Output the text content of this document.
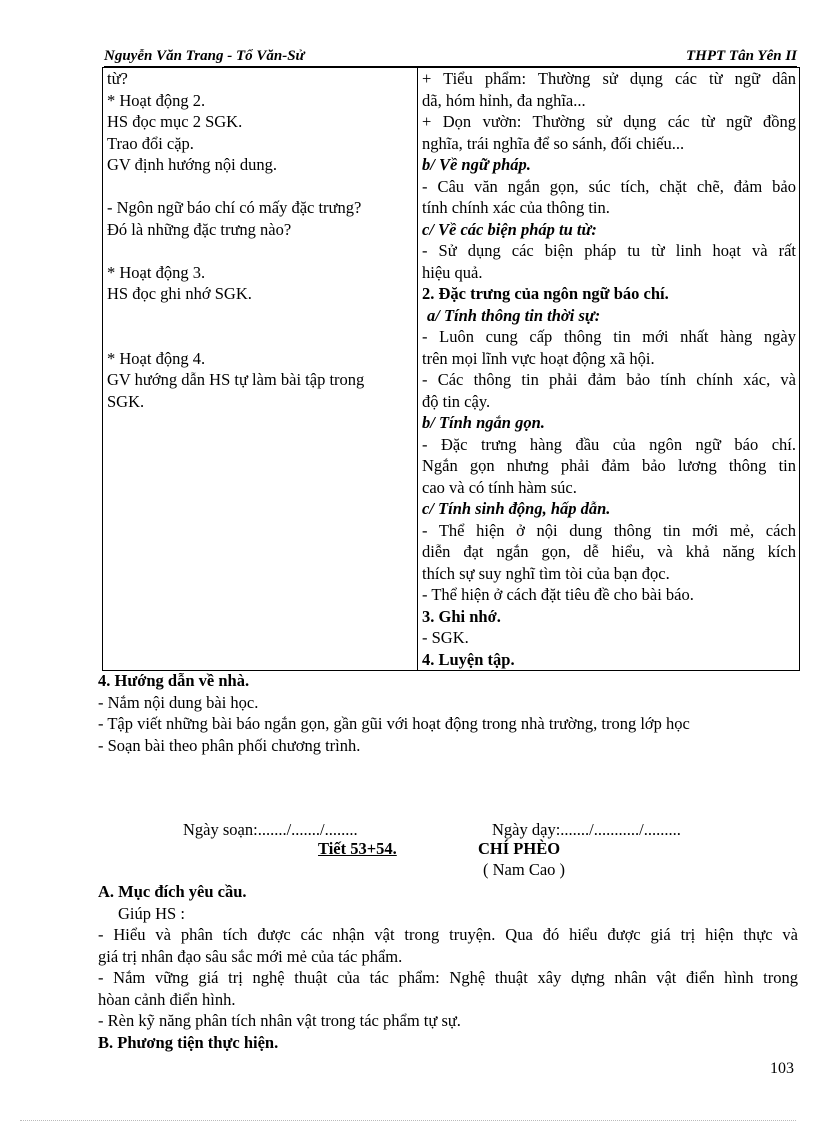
Nguyễn Văn Trang - Tổ Văn-Sử	THPT Tân Yên II
từ?
* Hoạt động 2.
HS đọc mục 2 SGK.
Trao đổi cặp.
GV định hướng nội dung.
- Ngôn ngữ báo chí có mấy đặc trưng?
Đó là những đặc trưng nào?
* Hoạt động 3.
HS đọc ghi nhớ SGK.
* Hoạt động 4.
GV hướng dẫn HS tự làm bài tập trong
SGK.

+ Tiểu phẩm: Thường sử dụng các từ ngữ dân
dã, hóm hỉnh, đa nghĩa...
+ Dọn vườn: Thường sử dụng các từ ngữ đồng
nghĩa, trái nghĩa để so sánh, đối chiếu...
b/ Về ngữ pháp.
- Câu văn ngắn gọn, súc tích, chặt chẽ, đảm bảo
tính chính xác của thông tin.
c/ Về các biện pháp tu từ:
- Sử dụng các biện pháp tu từ linh hoạt và rất
hiệu quả.
2. Đặc trưng của ngôn ngữ báo chí.
a/ Tính thông tin thời sự:
- Luôn cung cấp thông tin mới nhất hàng ngày
trên mọi lĩnh vực hoạt động xã hội.
- Các thông tin phải đảm bảo tính chính xác, và
độ tin cậy.
b/ Tính ngắn gọn.
- Đặc trưng hàng đầu của ngôn ngữ báo chí.
Ngắn gọn nhưng phải đảm bảo lương thông tin
cao và có tính hàm súc.
c/ Tính sinh động, hấp dẫn.
- Thể hiện ở nội dung thông tin mới mẻ, cách
diễn đạt ngắn gọn, dễ hiểu, và khả năng kích
thích sự suy nghĩ tìm tòi của bạn đọc.
- Thể hiện ở cách đặt tiêu đề cho bài báo.
3. Ghi nhớ.
- SGK.
4. Luyện tập.
4. Hướng dẫn về nhà.
- Nắm nội dung bài học.
- Tập viết những bài báo ngắn gọn, gần gũi với hoạt động trong nhà trường, trong lớp học
- Soạn bài theo phân phối chương trình.
Ngày soạn:......./......./........	Ngày dạy:......./.........../.........
Tiết 53+54.	CHÍ PHÈO
( Nam Cao )
A. Mục đích yêu cầu.
Giúp HS :
- Hiểu và phân tích được các nhận vật trong truyện. Qua đó hiểu được giá trị hiện thực và
giá trị nhân đạo sâu sắc mới mẻ của tác phẩm.
- Nắm vững giá trị nghệ thuật của tác phẩm: Nghệ thuật xây dựng nhân vật điển hình trong
hòan cảnh điển hình.
- Rèn kỹ năng phân tích nhân vật trong tác phẩm tự sự.
B. Phương tiện thực hiện.
103
